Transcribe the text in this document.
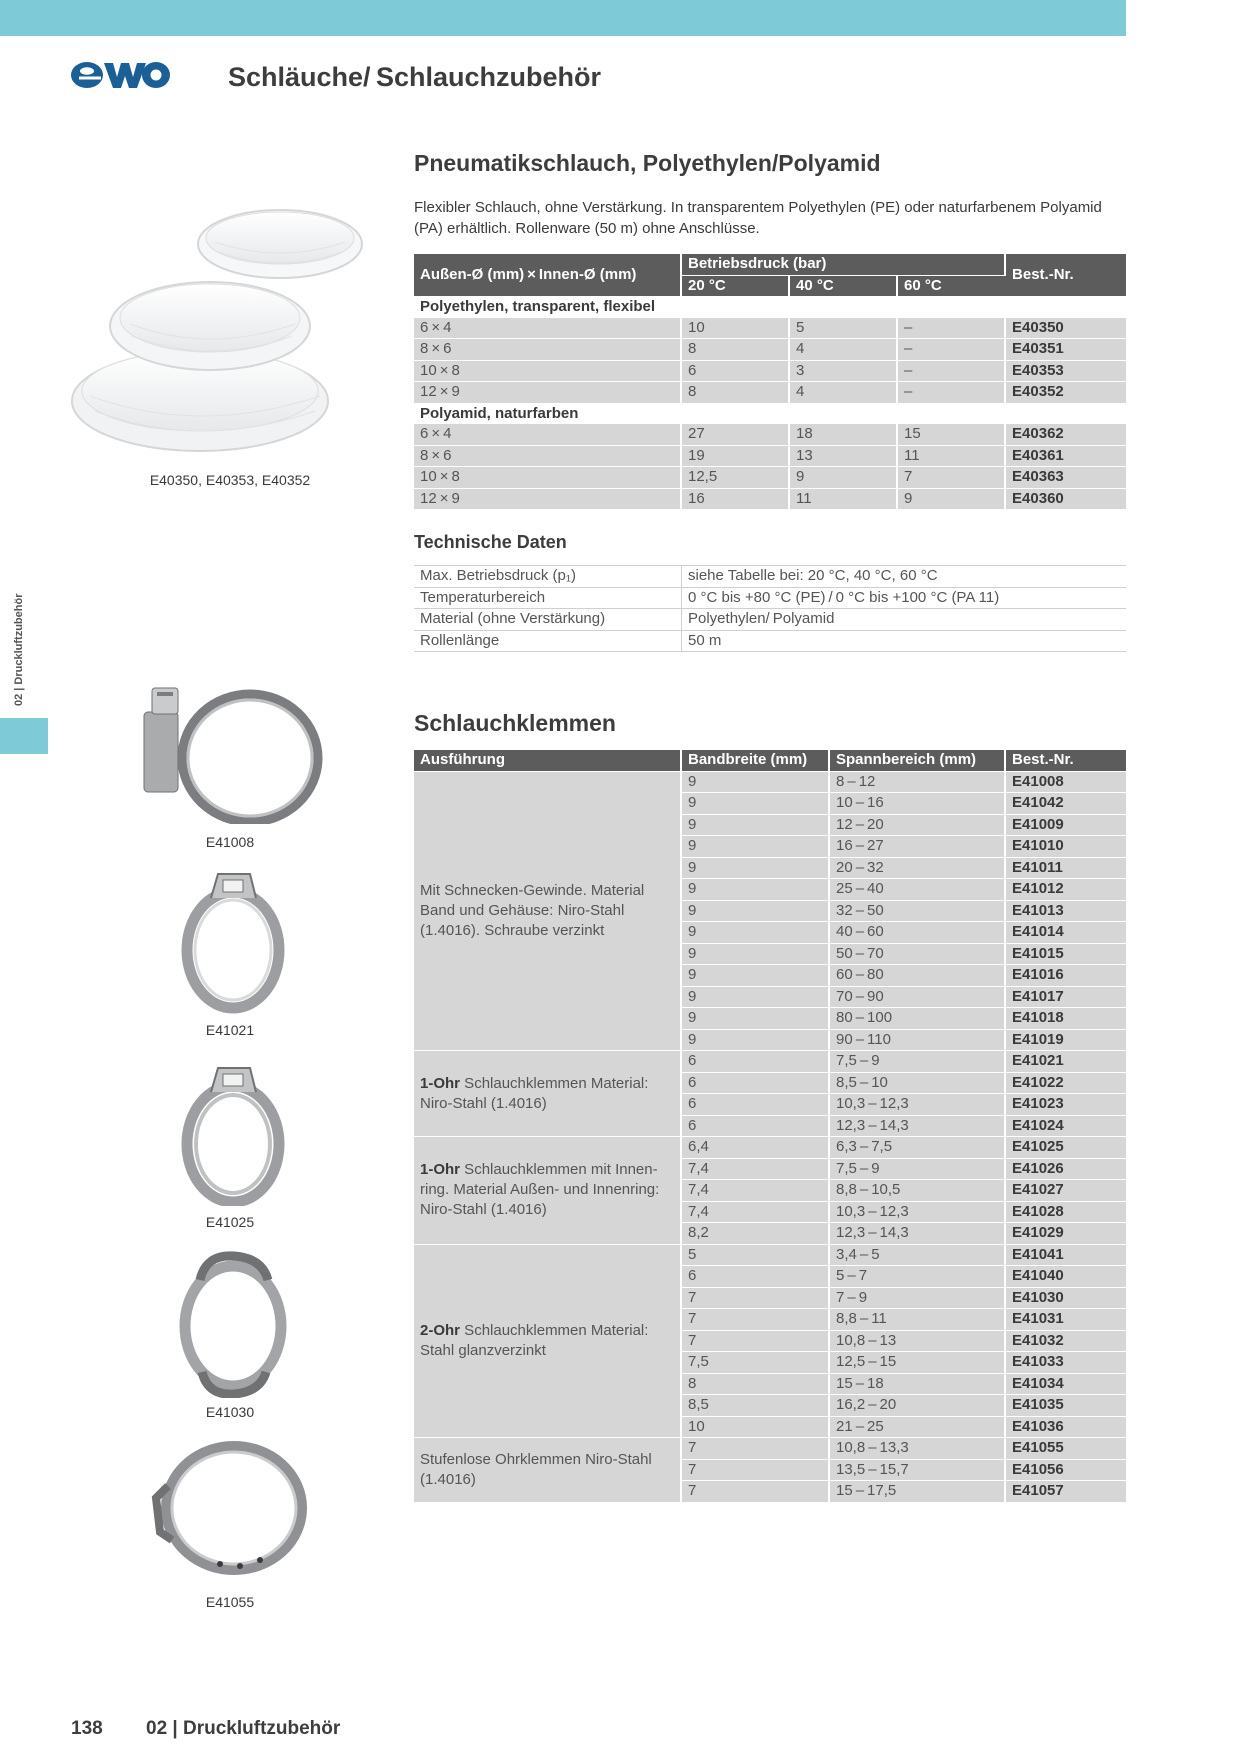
Schläuche/ Schlauchzubehör
02 | Druckluftzubehör
Pneumatikschlauch, Polyethylen/Polyamid
Flexibler Schlauch, ohne Verstärkung. In transparentem Polyethylen (PE) oder naturfarbenem Polyamid (PA) erhältlich. Rollenware (50 m) ohne Anschlüsse.
E40350, E40353, E40352
Außen-Ø (mm) × Innen-Ø (mm)	Betriebsdruck (bar)			Best.-Nr.
	20 °C	40 °C	60 °C	
Polyethylen, transparent, flexibel				
6 × 4	10	5	–	E40350
8 × 6	8	4	–	E40351
10 × 8	6	3	–	E40353
12 × 9	8	4	–	E40352
Polyamid, naturfarben				
6 × 4	27	18	15	E40362
8 × 6	19	13	11	E40361
10 × 8	12,5	9	7	E40363
12 × 9	16	11	9	E40360
Technische Daten
Max. Betriebsdruck (p₁)	siehe Tabelle bei: 20 °C, 40 °C, 60 °C
Temperaturbereich	0 °C bis +80 °C (PE) / 0 °C bis +100 °C (PA 11)
Material (ohne Verstärkung)	Polyethylen/ Polyamid
Rollenlänge	50 m
Schlauchklemmen
Ausführung	Bandbreite (mm)	Spannbereich (mm)	Best.-Nr.
Mit Schnecken-Gewinde. Material Band und Gehäuse: Niro-Stahl (1.4016). Schraube verzinkt	9	8 – 12	E41008
	9	10 – 16	E41042
	9	12 – 20	E41009
	9	16 – 27	E41010
	9	20 – 32	E41011
	9	25 – 40	E41012
	9	32 – 50	E41013
	9	40 – 60	E41014
	9	50 – 70	E41015
	9	60 – 80	E41016
	9	70 – 90	E41017
	9	80 – 100	E41018
	9	90 – 110	E41019
1-Ohr Schlauchklemmen Material: Niro-Stahl (1.4016)	6	7,5 – 9	E41021
	6	8,5 – 10	E41022
	6	10,3 – 12,3	E41023
	6	12,3 – 14,3	E41024
1-Ohr Schlauchklemmen mit Innen-ring. Material Außen- und Innenring: Niro-Stahl (1.4016)	6,4	6,3 – 7,5	E41025
	7,4	7,5 – 9	E41026
	7,4	8,8 – 10,5	E41027
	7,4	10,3 – 12,3	E41028
	8,2	12,3 – 14,3	E41029
2-Ohr Schlauchklemmen Material: Stahl glanzverzinkt	5	3,4 – 5	E41041
	6	5 – 7	E41040
	7	7 – 9	E41030
	7	8,8 – 11	E41031
	7	10,8 – 13	E41032
	7,5	12,5 – 15	E41033
	8	15 – 18	E41034
	8,5	16,2 – 20	E41035
	10	21 – 25	E41036
Stufenlose Ohrklemmen Niro-Stahl (1.4016)	7	10,8 – 13,3	E41055
	7	13,5 – 15,7	E41056
	7	15 – 17,5	E41057
E41008
E41021
E41025
E41030
E41055
138 02 | Druckluftzubehör
